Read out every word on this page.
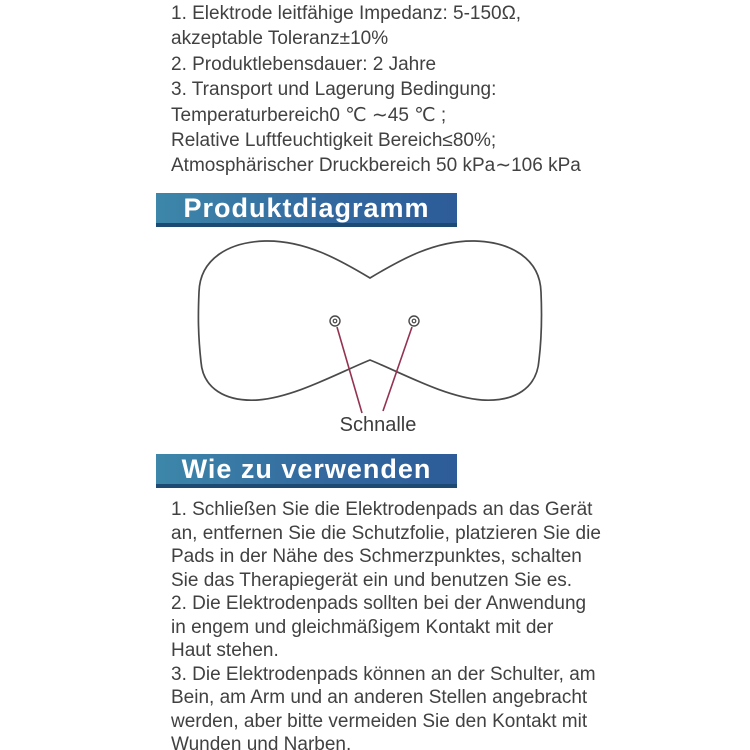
1. Elektrode leitfähige Impedanz: 5-150Ω,
akzeptable Toleranz±10%
2. Produktlebensdauer: 2 Jahre
3. Transport und Lagerung Bedingung:
Temperaturbereich0 ℃ ∼45 ℃ ;
Relative Luftfeuchtigkeit Bereich≤80%;
Atmosphärischer Druckbereich 50 kPa∼106 kPa
Produktdiagramm
Schnalle
Wie zu verwenden
1. Schließen Sie die Elektrodenpads an das Gerät
an, entfernen Sie die Schutzfolie, platzieren Sie die
Pads in der Nähe des Schmerzpunktes, schalten
Sie das Therapiegerät ein und benutzen Sie es.
2. Die Elektrodenpads sollten bei der Anwendung
in engem und gleichmäßigem Kontakt mit der
Haut stehen.
3. Die Elektrodenpads können an der Schulter, am
Bein, am Arm und an anderen Stellen angebracht
werden, aber bitte vermeiden Sie den Kontakt mit
Wunden und Narben.
